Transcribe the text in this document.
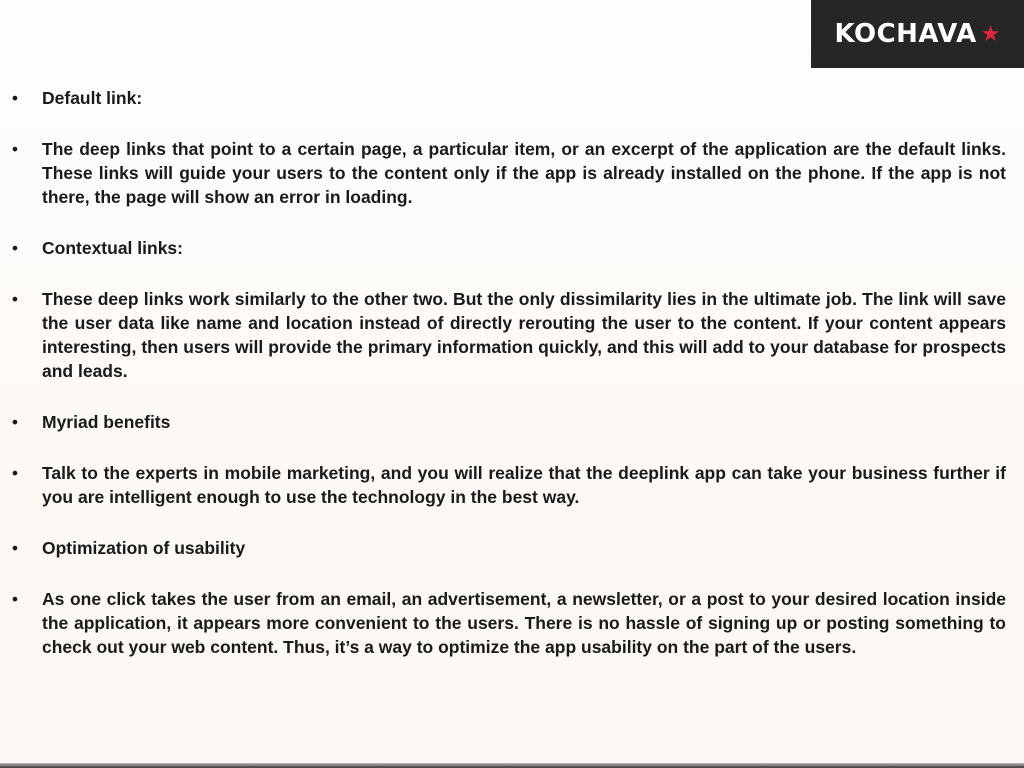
KOCHAVA ★
• Default link:
• The deep links that point to a certain page, a particular item, or an excerpt of the application are the default links. These links will guide your users to the content only if the app is already installed on the phone. If the app is not there, the page will show an error in loading.
• Contextual links:
• These deep links work similarly to the other two. But the only dissimilarity lies in the ultimate job. The link will save the user data like name and location instead of directly rerouting the user to the content. If your content appears interesting, then users will provide the primary information quickly, and this will add to your database for prospects and leads.
• Myriad benefits
• Talk to the experts in mobile marketing, and you will realize that the deeplink app can take your business further if you are intelligent enough to use the technology in the best way.
• Optimization of usability
• As one click takes the user from an email, an advertisement, a newsletter, or a post to your desired location inside the application, it appears more convenient to the users. There is no hassle of signing up or posting something to check out your web content. Thus, it’s a way to optimize the app usability on the part of the users.
